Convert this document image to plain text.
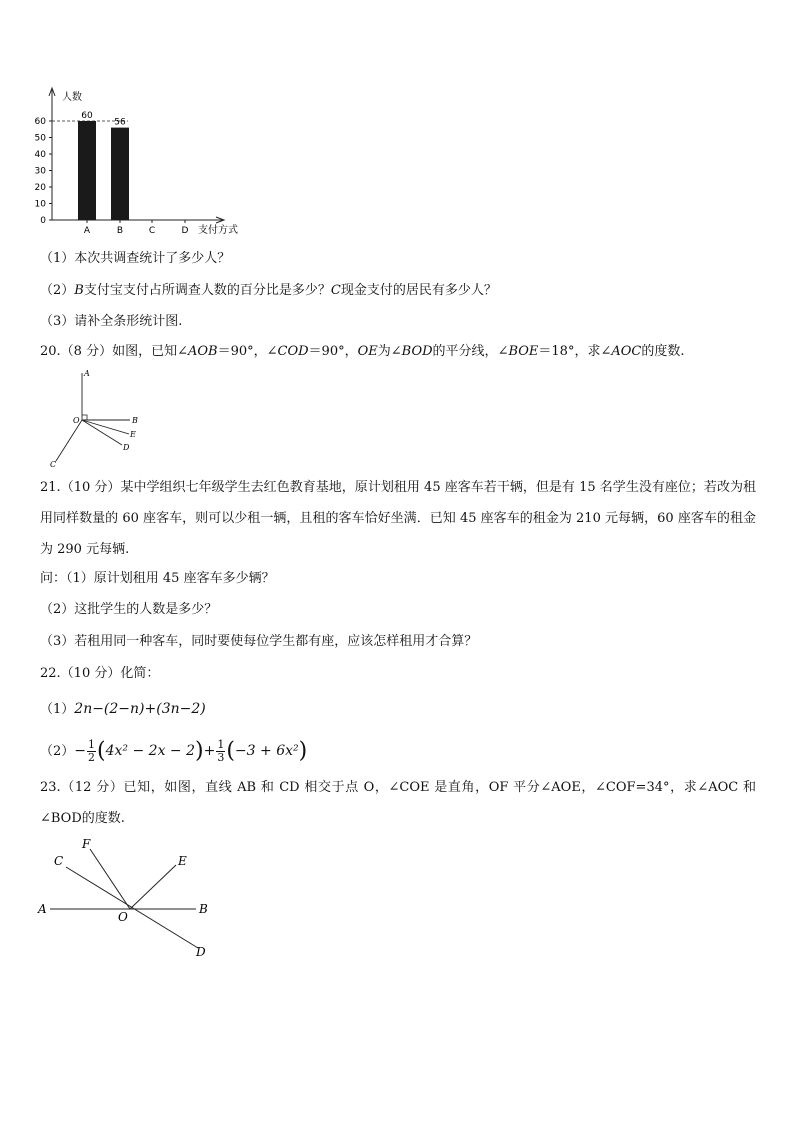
人数
支付方式
0
10
20
30
40
50
60
60
A
56
B	C	D
（1）本次共调查统计了多少人？
（2）B支付宝支付占所调查人数的百分比是多少？C现金支付的居民有多少人？
（3）请补全条形统计图.
20.（8 分）如图，已知∠AOB＝90°，∠COD＝90°，OE为∠BOD的平分线，∠BOE＝18°，求∠AOC的度数.
A
B
E
D
O
C
21.（10 分）某中学组织七年级学生去红色教育基地，原计划租用 45 座客车若干辆，但是有 15 名学生没有座位；若改为租用同样数量的 60 座客车，则可以少租一辆，且租的客车恰好坐满．已知 45 座客车的租金为 210 元每辆，60 座客车的租金为 290 元每辆.
问：（1）原计划租用 45 座客车多少辆？
（2）这批学生的人数是多少？
（3）若租用同一种客车，同时要使每位学生都有座，应该怎样租用才合算？
22.（10 分）化简：
（1）2n−(2−n)+(3n−2)
$(2)- \frac{1}{2} (4x^2 - 2x - 2)+ \frac{1}{3} (-3 + 6x^2)$
23.（12 分）已知，如图，直线 AB 和 CD 相交于点 O，∠COE 是直角，OF 平分∠AOE，∠COF=34°，求∠AOC 和∠BOD的度数.
F
C	E
A
O
B
D
